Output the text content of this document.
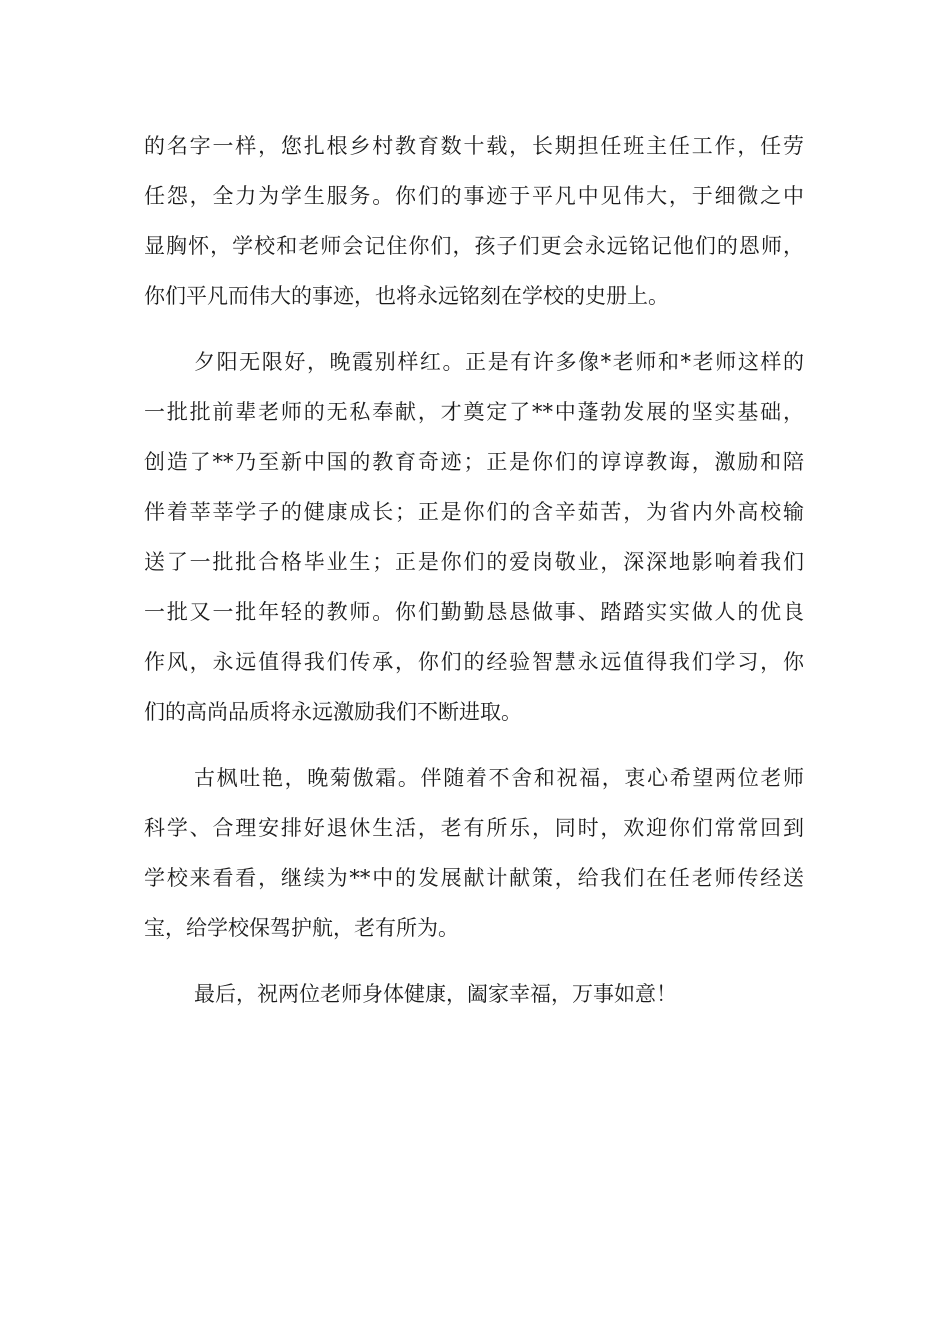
的名字一样，您扎根乡村教育数十载，长期担任班主任工作，任劳
任怨，全力为学生服务。你们的事迹于平凡中见伟大，于细微之中
显胸怀，学校和老师会记住你们，孩子们更会永远铭记他们的恩师，
你们平凡而伟大的事迹，也将永远铭刻在学校的史册上。
夕阳无限好，晚霞别样红。正是有许多像*老师和*老师这样的
一批批前辈老师的无私奉献，才奠定了**中蓬勃发展的坚实基础，
创造了**乃至新中国的教育奇迹；正是你们的谆谆教诲，激励和陪
伴着莘莘学子的健康成长；正是你们的含辛茹苦，为省内外高校输
送了一批批合格毕业生；正是你们的爱岗敬业，深深地影响着我们
一批又一批年轻的教师。你们勤勤恳恳做事、踏踏实实做人的优良
作风，永远值得我们传承，你们的经验智慧永远值得我们学习，你
们的高尚品质将永远激励我们不断进取。
古枫吐艳，晚菊傲霜。伴随着不舍和祝福，衷心希望两位老师
科学、合理安排好退休生活，老有所乐，同时，欢迎你们常常回到
学校来看看，继续为**中的发展献计献策，给我们在任老师传经送
宝，给学校保驾护航，老有所为。
最后，祝两位老师身体健康，阖家幸福，万事如意！
